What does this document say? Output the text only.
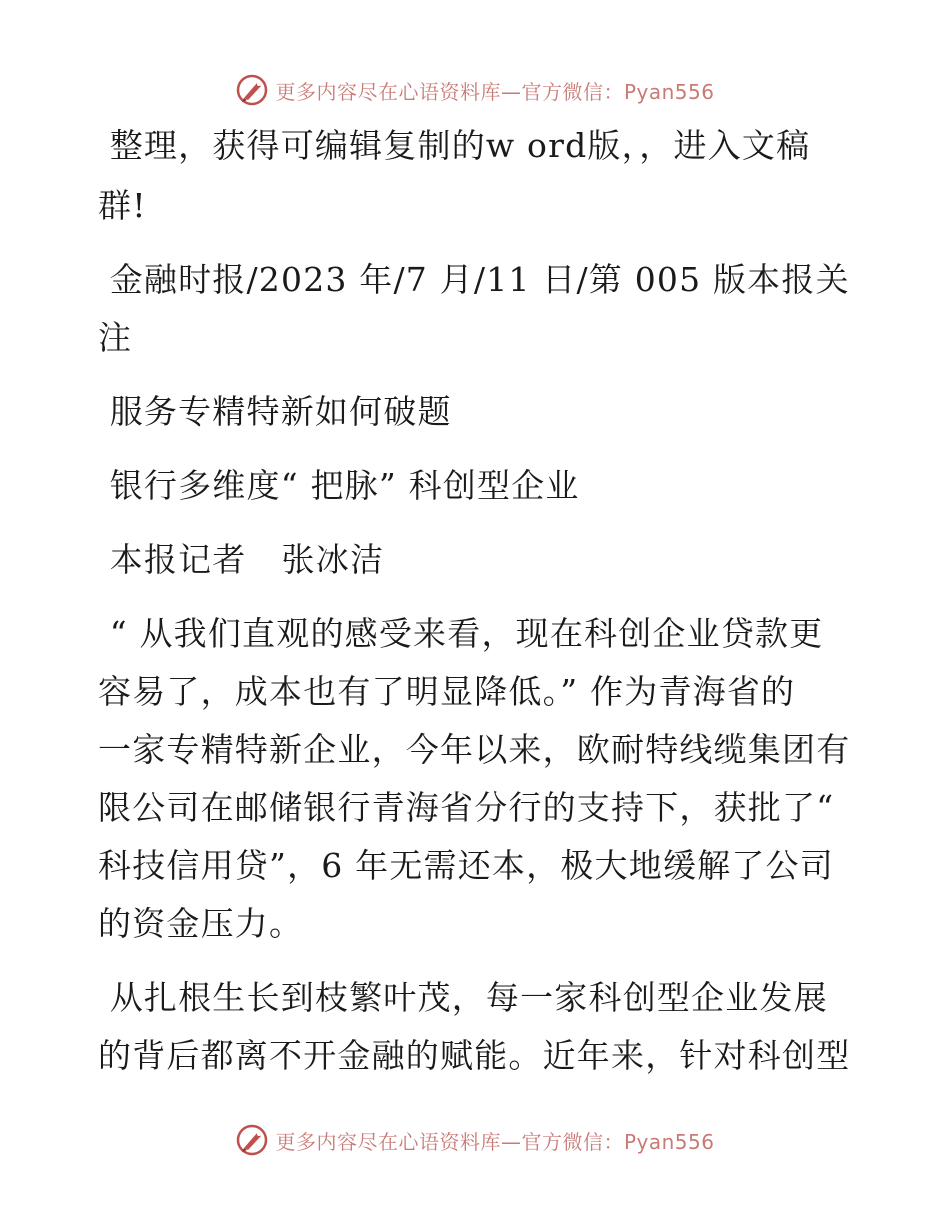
更多内容尽在心语资料库—官方微信：Pyan556
整理，获得可编辑复制的w ord版，，进入文稿
群!
金融时报/2023 年/7 月/11 日/第 005 版本报关
注
服务专精特新如何破题
银行多维度“ 把脉” 科创型企业
本报记者   张冰洁
“ 从我们直观的感受来看，现在科创企业贷款更
容易了，成本也有了明显降低。” 作为青海省的
一家专精特新企业，今年以来，欧耐特线缆集团有
限公司在邮储银行青海省分行的支持下，获批了“
科技信用贷”，6 年无需还本，极大地缓解了公司
的资金压力。
从扎根生长到枝繁叶茂，每一家科创型企业发展
的背后都离不开金融的赋能。近年来，针对科创型
更多内容尽在心语资料库—官方微信：Pyan556
